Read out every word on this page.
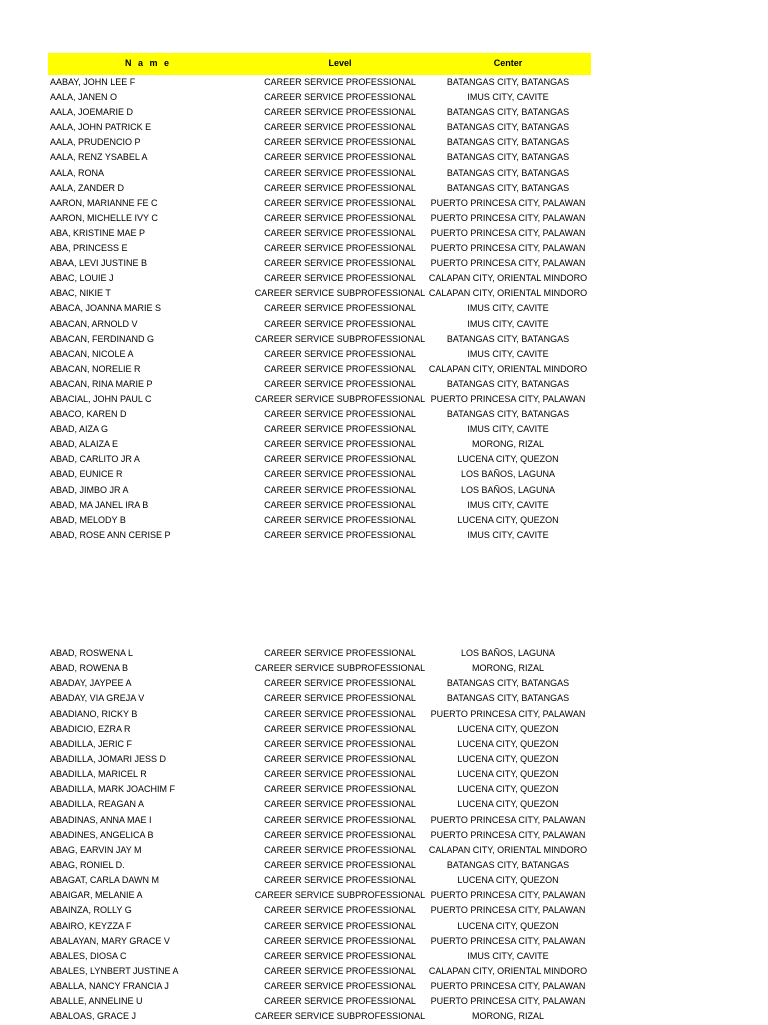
N a m e	Level	Center
AABAY, JOHN LEE F	CAREER SERVICE PROFESSIONAL	BATANGAS CITY, BATANGAS
AALA, JANEN O	CAREER SERVICE PROFESSIONAL	IMUS CITY, CAVITE
AALA, JOEMARIE D	CAREER SERVICE PROFESSIONAL	BATANGAS CITY, BATANGAS
AALA, JOHN PATRICK E	CAREER SERVICE PROFESSIONAL	BATANGAS CITY, BATANGAS
AALA, PRUDENCIO P	CAREER SERVICE PROFESSIONAL	BATANGAS CITY, BATANGAS
AALA, RENZ YSABEL A	CAREER SERVICE PROFESSIONAL	BATANGAS CITY, BATANGAS
AALA, RONA	CAREER SERVICE PROFESSIONAL	BATANGAS CITY, BATANGAS
AALA, ZANDER D	CAREER SERVICE PROFESSIONAL	BATANGAS CITY, BATANGAS
AARON, MARIANNE FE C	CAREER SERVICE PROFESSIONAL	PUERTO PRINCESA CITY, PALAWAN
AARON, MICHELLE IVY C	CAREER SERVICE PROFESSIONAL	PUERTO PRINCESA CITY, PALAWAN
ABA, KRISTINE MAE P	CAREER SERVICE PROFESSIONAL	PUERTO PRINCESA CITY, PALAWAN
ABA, PRINCESS E	CAREER SERVICE PROFESSIONAL	PUERTO PRINCESA CITY, PALAWAN
ABAA, LEVI JUSTINE B	CAREER SERVICE PROFESSIONAL	PUERTO PRINCESA CITY, PALAWAN
ABAC, LOUIE J	CAREER SERVICE PROFESSIONAL	CALAPAN CITY, ORIENTAL MINDORO
ABAC, NIKIE T	CAREER SERVICE SUBPROFESSIONAL CALAPAN CITY, ORIENTAL MINDORO
ABACA, JOANNA MARIE S	CAREER SERVICE PROFESSIONAL	IMUS CITY, CAVITE
ABACAN, ARNOLD V	CAREER SERVICE PROFESSIONAL	IMUS CITY, CAVITE
ABACAN, FERDINAND G	CAREER SERVICE SUBPROFESSIONAL	BATANGAS CITY, BATANGAS
ABACAN, NICOLE A	CAREER SERVICE PROFESSIONAL	IMUS CITY, CAVITE
ABACAN, NORELIE R	CAREER SERVICE PROFESSIONAL	CALAPAN CITY, ORIENTAL MINDORO
ABACAN, RINA MARIE P	CAREER SERVICE PROFESSIONAL	BATANGAS CITY, BATANGAS
ABACIAL, JOHN PAUL C	CAREER SERVICE SUBPROFESSIONAL PUERTO PRINCESA CITY, PALAWAN
ABACO, KAREN D	CAREER SERVICE PROFESSIONAL	BATANGAS CITY, BATANGAS
ABAD, AIZA G	CAREER SERVICE PROFESSIONAL	IMUS CITY, CAVITE
ABAD, ALAIZA E	CAREER SERVICE PROFESSIONAL	MORONG, RIZAL
ABAD, CARLITO JR A	CAREER SERVICE PROFESSIONAL	LUCENA CITY, QUEZON
ABAD, EUNICE R	CAREER SERVICE PROFESSIONAL	LOS BAÑOS, LAGUNA
ABAD, JIMBO JR A	CAREER SERVICE PROFESSIONAL	LOS BAÑOS, LAGUNA
ABAD, MA JANEL IRA B	CAREER SERVICE PROFESSIONAL	IMUS CITY, CAVITE
ABAD, MELODY B	CAREER SERVICE PROFESSIONAL	LUCENA CITY, QUEZON
ABAD, ROSE ANN CERISE P	CAREER SERVICE PROFESSIONAL	IMUS CITY, CAVITE
ABAD, ROSWENA L	CAREER SERVICE PROFESSIONAL	LOS BAÑOS, LAGUNA
ABAD, ROWENA B	CAREER SERVICE SUBPROFESSIONAL	MORONG, RIZAL
ABADAY, JAYPEE A	CAREER SERVICE PROFESSIONAL	BATANGAS CITY, BATANGAS
ABADAY, VIA GREJA V	CAREER SERVICE PROFESSIONAL	BATANGAS CITY, BATANGAS
ABADIANO, RICKY B	CAREER SERVICE PROFESSIONAL	PUERTO PRINCESA CITY, PALAWAN
ABADICIO, EZRA R	CAREER SERVICE PROFESSIONAL	LUCENA CITY, QUEZON
ABADILLA, JERIC F	CAREER SERVICE PROFESSIONAL	LUCENA CITY, QUEZON
ABADILLA, JOMARI JESS D	CAREER SERVICE PROFESSIONAL	LUCENA CITY, QUEZON
ABADILLA, MARICEL R	CAREER SERVICE PROFESSIONAL	LUCENA CITY, QUEZON
ABADILLA, MARK JOACHIM F	CAREER SERVICE PROFESSIONAL	LUCENA CITY, QUEZON
ABADILLA, REAGAN A	CAREER SERVICE PROFESSIONAL	LUCENA CITY, QUEZON
ABADINAS, ANNA MAE I	CAREER SERVICE PROFESSIONAL	PUERTO PRINCESA CITY, PALAWAN
ABADINES, ANGELICA B	CAREER SERVICE PROFESSIONAL	PUERTO PRINCESA CITY, PALAWAN
ABAG, EARVIN JAY M	CAREER SERVICE PROFESSIONAL	CALAPAN CITY, ORIENTAL MINDORO
ABAG, RONIEL D.	CAREER SERVICE PROFESSIONAL	BATANGAS CITY, BATANGAS
ABAGAT, CARLA DAWN M	CAREER SERVICE PROFESSIONAL	LUCENA CITY, QUEZON
ABAIGAR, MELANIE A	CAREER SERVICE SUBPROFESSIONAL PUERTO PRINCESA CITY, PALAWAN
ABAINZA, ROLLY G	CAREER SERVICE PROFESSIONAL	PUERTO PRINCESA CITY, PALAWAN
ABAIRO, KEYZZA F	CAREER SERVICE PROFESSIONAL	LUCENA CITY, QUEZON
ABALAYAN, MARY GRACE V	CAREER SERVICE PROFESSIONAL	PUERTO PRINCESA CITY, PALAWAN
ABALES, DIOSA C	CAREER SERVICE PROFESSIONAL	IMUS CITY, CAVITE
ABALES, LYNBERT JUSTINE A	CAREER SERVICE PROFESSIONAL	CALAPAN CITY, ORIENTAL MINDORO
ABALLA, NANCY FRANCIA J	CAREER SERVICE PROFESSIONAL	PUERTO PRINCESA CITY, PALAWAN
ABALLE, ANNELINE U	CAREER SERVICE PROFESSIONAL	PUERTO PRINCESA CITY, PALAWAN
ABALOAS, GRACE J	CAREER SERVICE SUBPROFESSIONAL	MORONG, RIZAL
